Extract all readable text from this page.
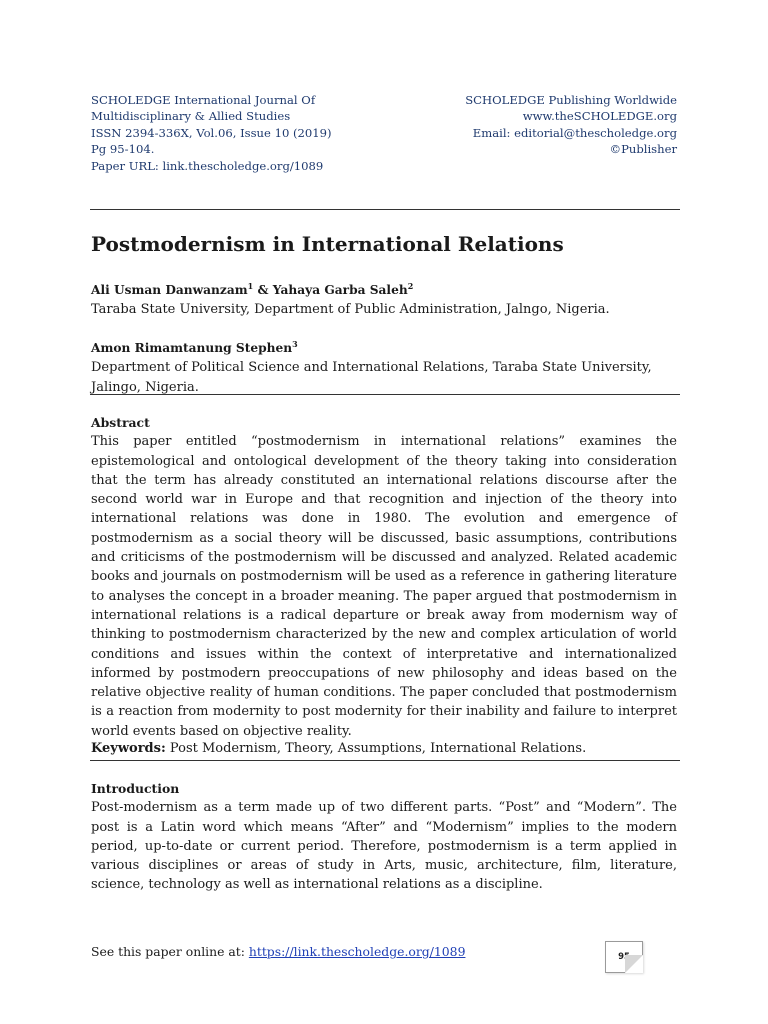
SCHOLEDGE International Journal Of
Multidisciplinary & Allied Studies
ISSN 2394-336X, Vol.06, Issue 10 (2019)
Pg 95-104.
Paper URL: link.thescholedge.org/1089
SCHOLEDGE Publishing Worldwide
www.theSCHOLEDGE.org
Email: editorial@thescholedge.org
©Publisher
Postmodernism in International Relations
Ali Usman Danwanzam$^1$ & Yahaya Garba Saleh$^2$
Taraba State University, Department of Public Administration, Jalngo, Nigeria.
Amon Rimamtanung Stephen$^3$
Department of Political Science and International Relations, Taraba State University, Jalingo, Nigeria.
Abstract
This paper entitled “postmodernism in international relations” examines the epistemological and ontological development of the theory taking into consideration that the term has already constituted an international relations discourse after the second world war in Europe and that recognition and injection of the theory into international relations was done in 1980. The evolution and emergence of postmodernism as a social theory will be discussed, basic assumptions, contributions and criticisms of the postmodernism will be discussed and analyzed. Related academic books and journals on postmodernism will be used as a reference in gathering literature to analyses the concept in a broader meaning. The paper argued that postmodernism in international relations is a radical departure or break away from modernism way of thinking to postmodernism characterized by the new and complex articulation of world conditions and issues within the context of interpretative and internationalized informed by postmodern preoccupations of new philosophy and ideas based on the relative objective reality of human conditions. The paper concluded that postmodernism is a reaction from modernity to post modernity for their inability and failure to interpret world events based on objective reality.
Keywords: Post Modernism, Theory, Assumptions, International Relations.
Introduction
Post-modernism as a term made up of two different parts. “Post” and “Modern”. The post is a Latin word which means “After” and “Modernism” implies to the modern period, up-to-date or current period. Therefore, postmodernism is a term applied in various disciplines or areas of study in Arts, music, architecture, film, literature, science, technology as well as international relations as a discipline.
See this paper online at: https://link.thescholedge.org/1089	95
